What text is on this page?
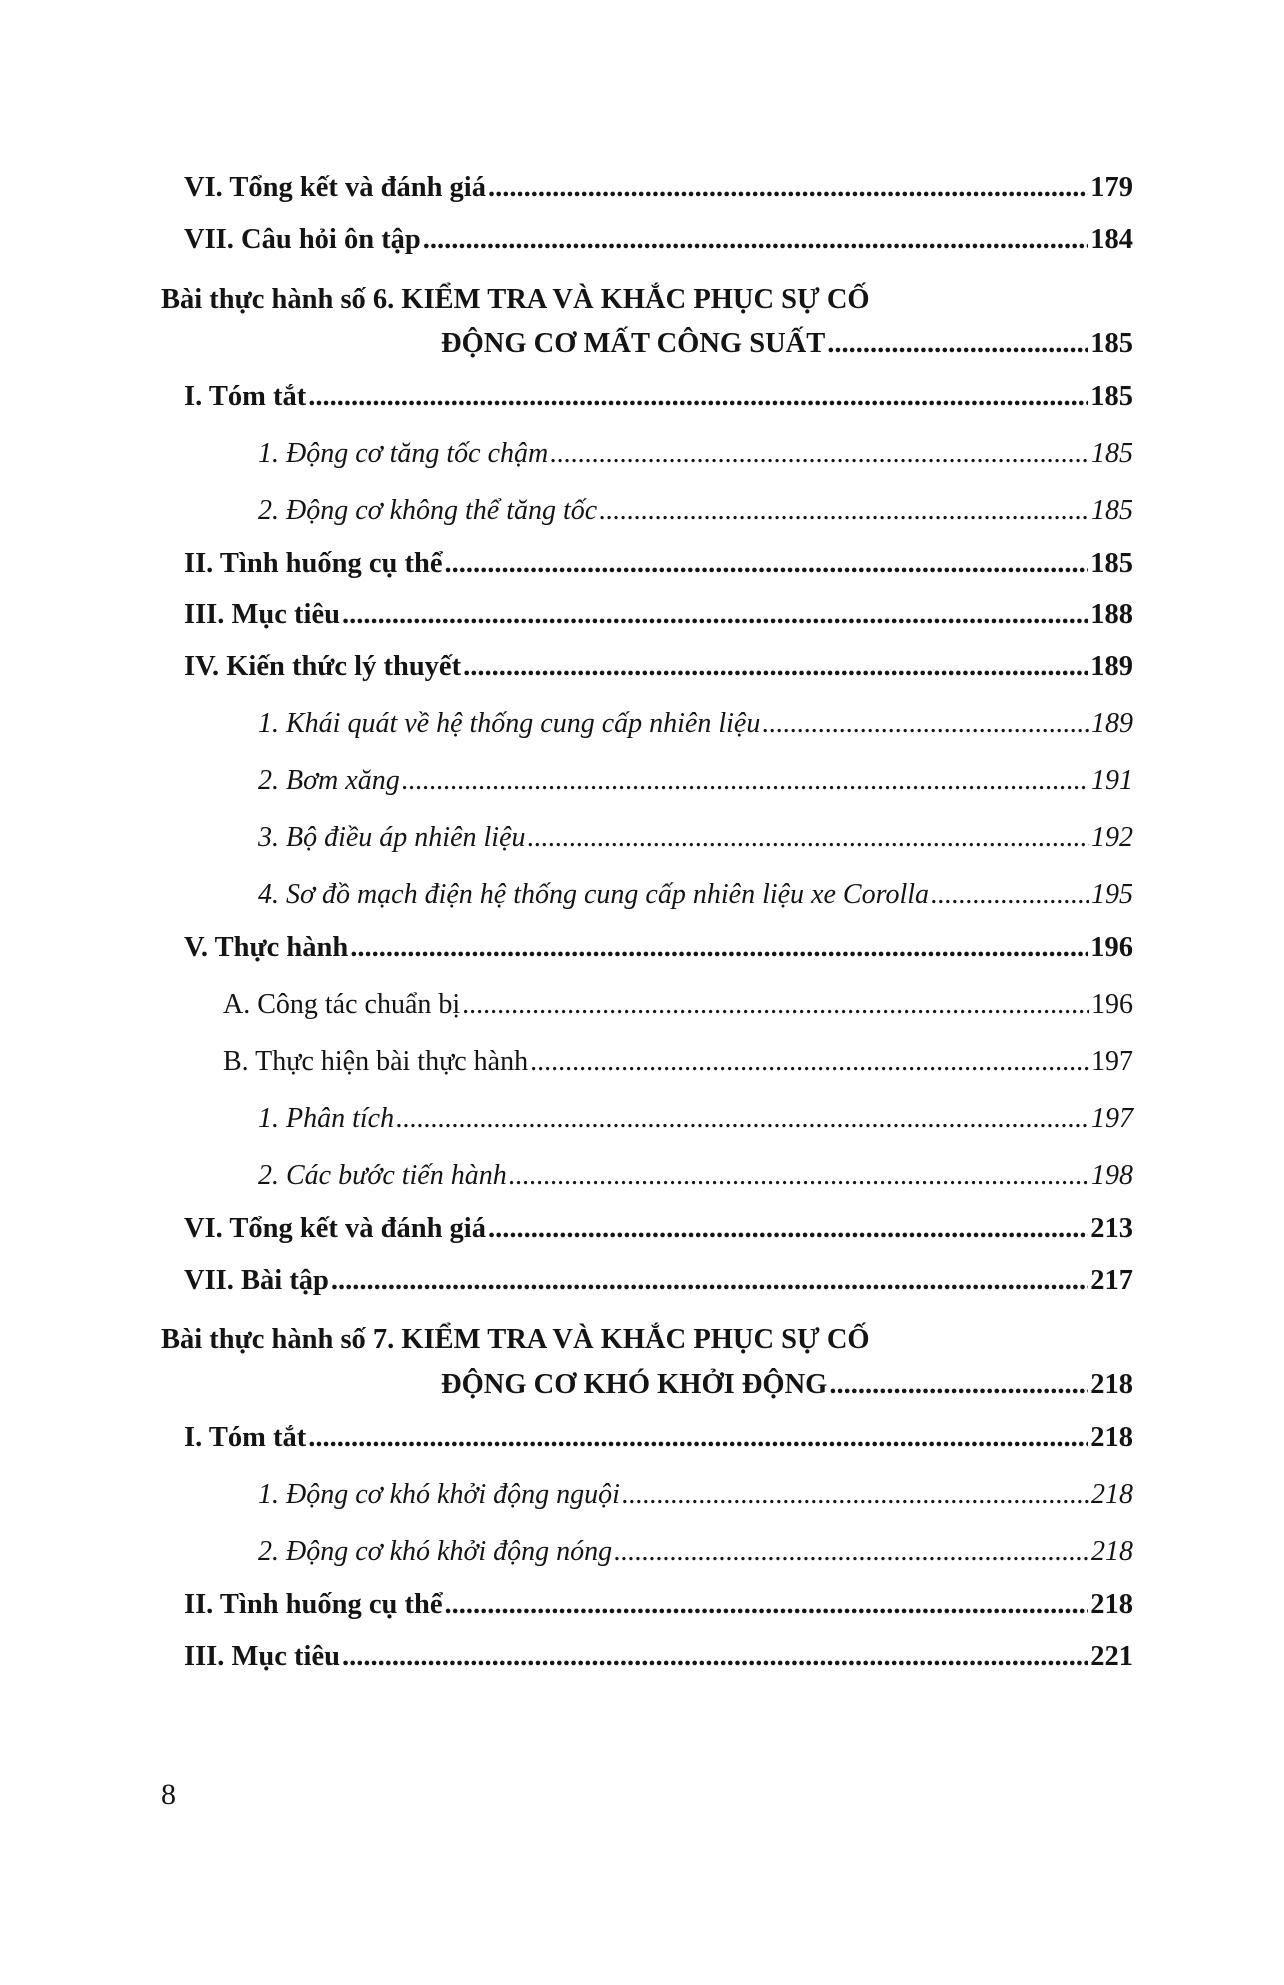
VI. Tổng kết và đánh giá .....	179
VII. Câu hỏi ôn tập .....	184
Bài thực hành số 6. KIỂM TRA VÀ KHẮC PHỤC SỰ CỐ
ĐỘNG CƠ MẤT CÔNG SUẤT .....	185
I. Tóm tắt .....	185
1. Động cơ tăng tốc chậm .....	185
2. Động cơ không thể tăng tốc .....	185
II. Tình huống cụ thể .....	185
III. Mục tiêu .....	188
IV. Kiến thức lý thuyết .....	189
1. Khái quát về hệ thống cung cấp nhiên liệu .....	189
2. Bơm xăng .....	191
3. Bộ điều áp nhiên liệu .....	192
4. Sơ đồ mạch điện hệ thống cung cấp nhiên liệu xe Corolla .....	195
V. Thực hành .....	196
A. Công tác chuẩn bị .....	196
B. Thực hiện bài thực hành .....	197
1. Phân tích .....	197
2. Các bước tiến hành .....	198
VI. Tổng kết và đánh giá .....	213
VII. Bài tập .....	217
Bài thực hành số 7. KIỂM TRA VÀ KHẮC PHỤC SỰ CỐ
ĐỘNG CƠ KHÓ KHỞI ĐỘNG .....	218
I. Tóm tắt .....	218
1. Động cơ khó khởi động nguội .....	218
2. Động cơ khó khởi động nóng .....	218
II. Tình huống cụ thể .....	218
III. Mục tiêu .....	221
8
